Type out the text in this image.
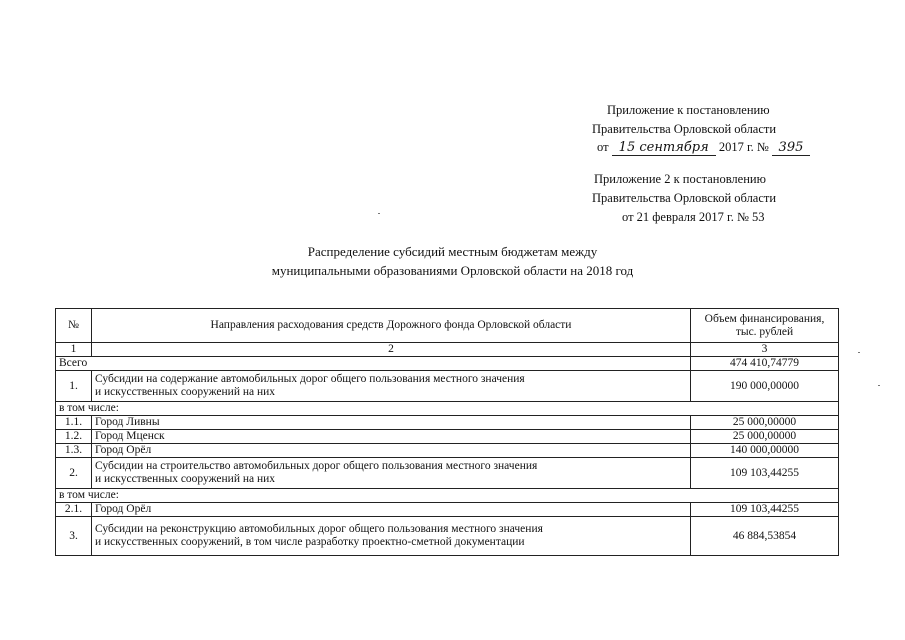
Приложение к постановлению
Правительства Орловской области
от 15 сентября 2017 г. № 395
Приложение 2 к постановлению
Правительства Орловской области
от 21 февраля 2017 г. № 53
Распределение субсидий местным бюджетам между
муниципальными образованиями Орловской области на 2018 год
№	Направления расходования средств Дорожного фонда Орловской области	Объем финансирования,
тыс. рублей

1	2	3
Всего		474 410,74779
1.	Субсидии на содержание автомобильных дорог общего пользования местного значения
и искусственных сооружений на них	190 000,00000
в том числе:		
1.1.	Город Ливны	25 000,00000
1.2.	Город Мценск	25 000,00000
1.3.	Город Орёл	140 000,00000
2.	Субсидии на строительство автомобильных дорог общего пользования местного значения
и искусственных сооружений на них	109 103,44255
в том числе:		
2.1.	Город Орёл	109 103,44255
3.	Субсидии на реконструкцию автомобильных дорог общего пользования местного значения
и искусственных сооружений, в том числе разработку проектно-сметной документации	46 884,53854
